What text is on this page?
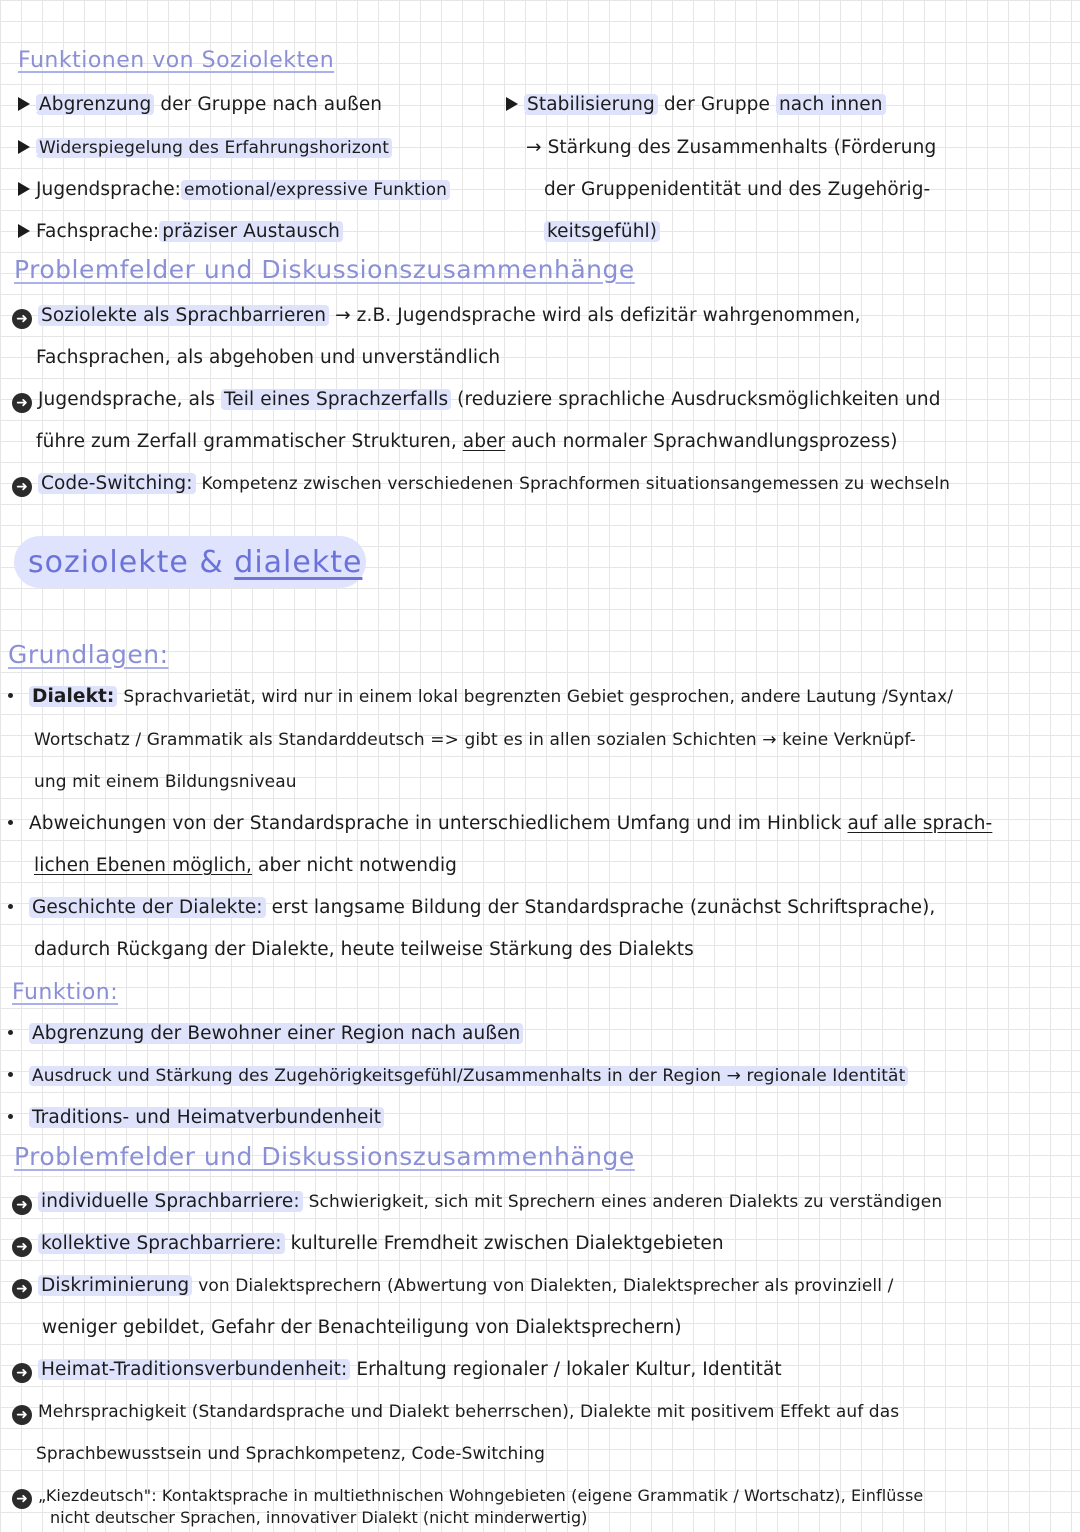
Funktionen von Soziolekten
Abgrenzung der Gruppe nach außen
Widerspiegelung des Erfahrungshorizont
Jugendsprache: emotional/expressive Funktion
Fachsprache: präziser Austausch
Stabilisierung der Gruppe nach innen
→ Stärkung des Zusammenhalts (Förderung
der Gruppenidentität und des Zugehörig-
keitsgefühl)
Problemfelder und Diskussionszusammenhänge
➜ Soziolekte als Sprachbarrieren → z.B. Jugendsprache wird als defizitär wahrgenommen,
Fachsprachen, als abgehoben und unverständlich
➜ Jugendsprache, als Teil eines Sprachzerfalls (reduziere sprachliche Ausdrucksmöglichkeiten und
führe zum Zerfall grammatischer Strukturen, aber auch normaler Sprachwandlungsprozess)
➜ Code-Switching: Kompetenz zwischen verschiedenen Sprachformen situationsangemessen zu wechseln
soziolekte & dialekte
Grundlagen:
Dialekt: Sprachvarietät, wird nur in einem lokal begrenzten Gebiet gesprochen, andere Lautung /Syntax/
Wortschatz / Grammatik als Standarddeutsch => gibt es in allen sozialen Schichten → keine Verknüpf-
ung mit einem Bildungsniveau
Abweichungen von der Standardsprache in unterschiedlichem Umfang und im Hinblick auf alle sprach-
lichen Ebenen möglich, aber nicht notwendig
Geschichte der Dialekte: erst langsame Bildung der Standardsprache (zunächst Schriftsprache),
dadurch Rückgang der Dialekte, heute teilweise Stärkung des Dialekts
Funktion:
Abgrenzung der Bewohner einer Region nach außen
Ausdruck und Stärkung des Zugehörigkeitsgefühl/Zusammenhalts in der Region → regionale Identität
Traditions- und Heimatverbundenheit
Problemfelder und Diskussionszusammenhänge
➜ individuelle Sprachbarriere: Schwierigkeit, sich mit Sprechern eines anderen Dialekts zu verständigen
➜ kollektive Sprachbarriere: kulturelle Fremdheit zwischen Dialektgebieten
➜ Diskriminierung von Dialektsprechern (Abwertung von Dialekten, Dialektsprecher als provinziell /
weniger gebildet, Gefahr der Benachteiligung von Dialektsprechern)
➜ Heimat-Traditionsverbundenheit: Erhaltung regionaler / lokaler Kultur, Identität
➜ Mehrsprachigkeit (Standardsprache und Dialekt beherrschen), Dialekte mit positivem Effekt auf das
Sprachbewusstsein und Sprachkompetenz, Code-Switching
➜ „Kiezdeutsch": Kontaktsprache in multiethnischen Wohngebieten (eigene Grammatik / Wortschatz), Einflüsse
nicht deutscher Sprachen, innovativer Dialekt (nicht minderwertig)
